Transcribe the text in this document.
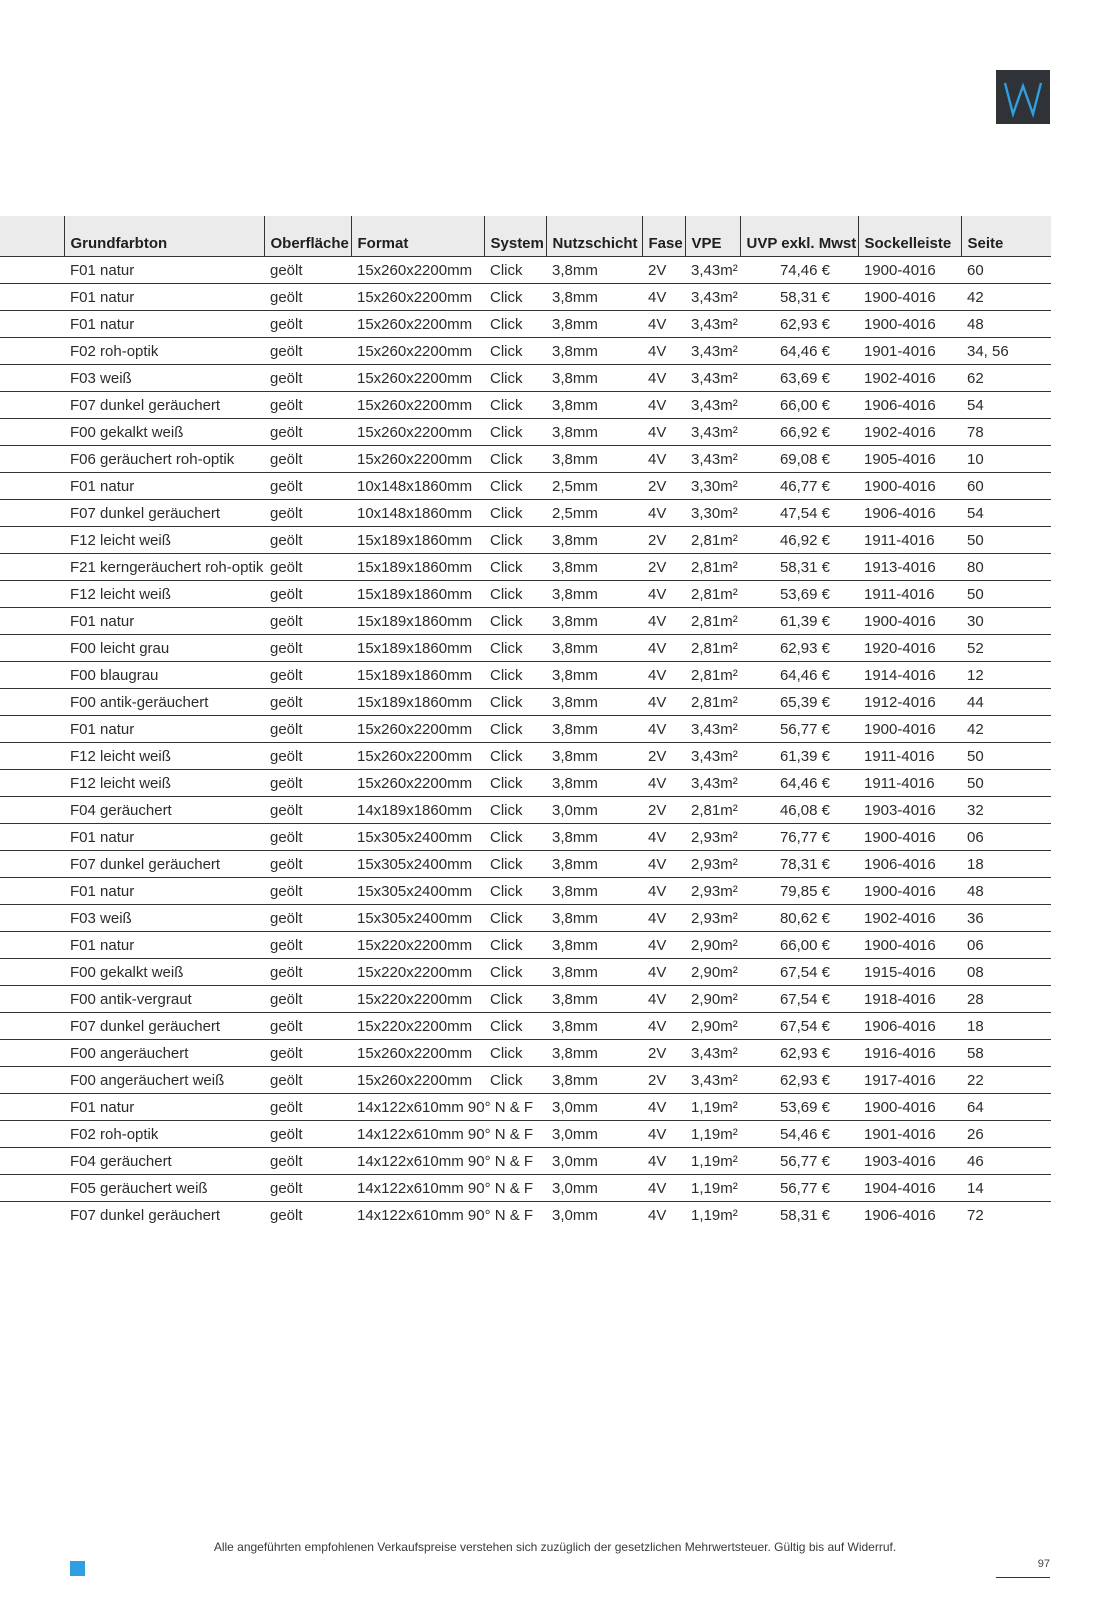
	Grundfarbton	Oberfläche	Format	System	Nutzschicht	Fase	VPE	UVP exkl. Mwst	Sockelleiste	Seite
	F01 natur	geölt	15x260x2200mm	Click	3,8mm	2V	3,43m²	74,46 €	1900-4016	60
	F01 natur	geölt	15x260x2200mm	Click	3,8mm	4V	3,43m²	58,31 €	1900-4016	42
	F01 natur	geölt	15x260x2200mm	Click	3,8mm	4V	3,43m²	62,93 €	1900-4016	48
	F02 roh-optik	geölt	15x260x2200mm	Click	3,8mm	4V	3,43m²	64,46 €	1901-4016	34, 56
	F03 weiß	geölt	15x260x2200mm	Click	3,8mm	4V	3,43m²	63,69 €	1902-4016	62
	F07 dunkel geräuchert	geölt	15x260x2200mm	Click	3,8mm	4V	3,43m²	66,00 €	1906-4016	54
	F00 gekalkt weiß	geölt	15x260x2200mm	Click	3,8mm	4V	3,43m²	66,92 €	1902-4016	78
	F06 geräuchert roh-optik	geölt	15x260x2200mm	Click	3,8mm	4V	3,43m²	69,08 €	1905-4016	10
	F01 natur	geölt	10x148x1860mm	Click	2,5mm	2V	3,30m²	46,77 €	1900-4016	60
	F07 dunkel geräuchert	geölt	10x148x1860mm	Click	2,5mm	4V	3,30m²	47,54 €	1906-4016	54
	F12 leicht weiß	geölt	15x189x1860mm	Click	3,8mm	2V	2,81m²	46,92 €	1911-4016	50
	F21 kerngeräuchert roh-optik	geölt	15x189x1860mm	Click	3,8mm	2V	2,81m²	58,31 €	1913-4016	80
	F12 leicht weiß	geölt	15x189x1860mm	Click	3,8mm	4V	2,81m²	53,69 €	1911-4016	50
	F01 natur	geölt	15x189x1860mm	Click	3,8mm	4V	2,81m²	61,39 €	1900-4016	30
	F00 leicht grau	geölt	15x189x1860mm	Click	3,8mm	4V	2,81m²	62,93 €	1920-4016	52
	F00 blaugrau	geölt	15x189x1860mm	Click	3,8mm	4V	2,81m²	64,46 €	1914-4016	12
	F00 antik-geräuchert	geölt	15x189x1860mm	Click	3,8mm	4V	2,81m²	65,39 €	1912-4016	44
	F01 natur	geölt	15x260x2200mm	Click	3,8mm	4V	3,43m²	56,77 €	1900-4016	42
	F12 leicht weiß	geölt	15x260x2200mm	Click	3,8mm	2V	3,43m²	61,39 €	1911-4016	50
	F12 leicht weiß	geölt	15x260x2200mm	Click	3,8mm	4V	3,43m²	64,46 €	1911-4016	50
	F04 geräuchert	geölt	14x189x1860mm	Click	3,0mm	2V	2,81m²	46,08 €	1903-4016	32
	F01 natur	geölt	15x305x2400mm	Click	3,8mm	4V	2,93m²	76,77 €	1900-4016	06
	F07 dunkel geräuchert	geölt	15x305x2400mm	Click	3,8mm	4V	2,93m²	78,31 €	1906-4016	18
	F01 natur	geölt	15x305x2400mm	Click	3,8mm	4V	2,93m²	79,85 €	1900-4016	48
	F03 weiß	geölt	15x305x2400mm	Click	3,8mm	4V	2,93m²	80,62 €	1902-4016	36
	F01 natur	geölt	15x220x2200mm	Click	3,8mm	4V	2,90m²	66,00 €	1900-4016	06
	F00 gekalkt weiß	geölt	15x220x2200mm	Click	3,8mm	4V	2,90m²	67,54 €	1915-4016	08
	F00 antik-vergraut	geölt	15x220x2200mm	Click	3,8mm	4V	2,90m²	67,54 €	1918-4016	28
	F07 dunkel geräuchert	geölt	15x220x2200mm	Click	3,8mm	4V	2,90m²	67,54 €	1906-4016	18
	F00 angeräuchert	geölt	15x260x2200mm	Click	3,8mm	2V	3,43m²	62,93 €	1916-4016	58
	F00 angeräuchert weiß	geölt	15x260x2200mm	Click	3,8mm	2V	3,43m²	62,93 €	1917-4016	22
	F01 natur	geölt	14x122x610mm 90° N & F		3,0mm	4V	1,19m²	53,69 €	1900-4016	64
	F02 roh-optik	geölt	14x122x610mm 90° N & F		3,0mm	4V	1,19m²	54,46 €	1901-4016	26
	F04 geräuchert	geölt	14x122x610mm 90° N & F		3,0mm	4V	1,19m²	56,77 €	1903-4016	46
	F05 geräuchert weiß	geölt	14x122x610mm 90° N & F		3,0mm	4V	1,19m²	56,77 €	1904-4016	14
	F07 dunkel geräuchert	geölt	14x122x610mm 90° N & F		3,0mm	4V	1,19m²	58,31 €	1906-4016	72
Alle angeführten empfohlenen Verkaufspreise verstehen sich zuzüglich der gesetzlichen Mehrwertsteuer. Gültig bis auf Widerruf.
97
